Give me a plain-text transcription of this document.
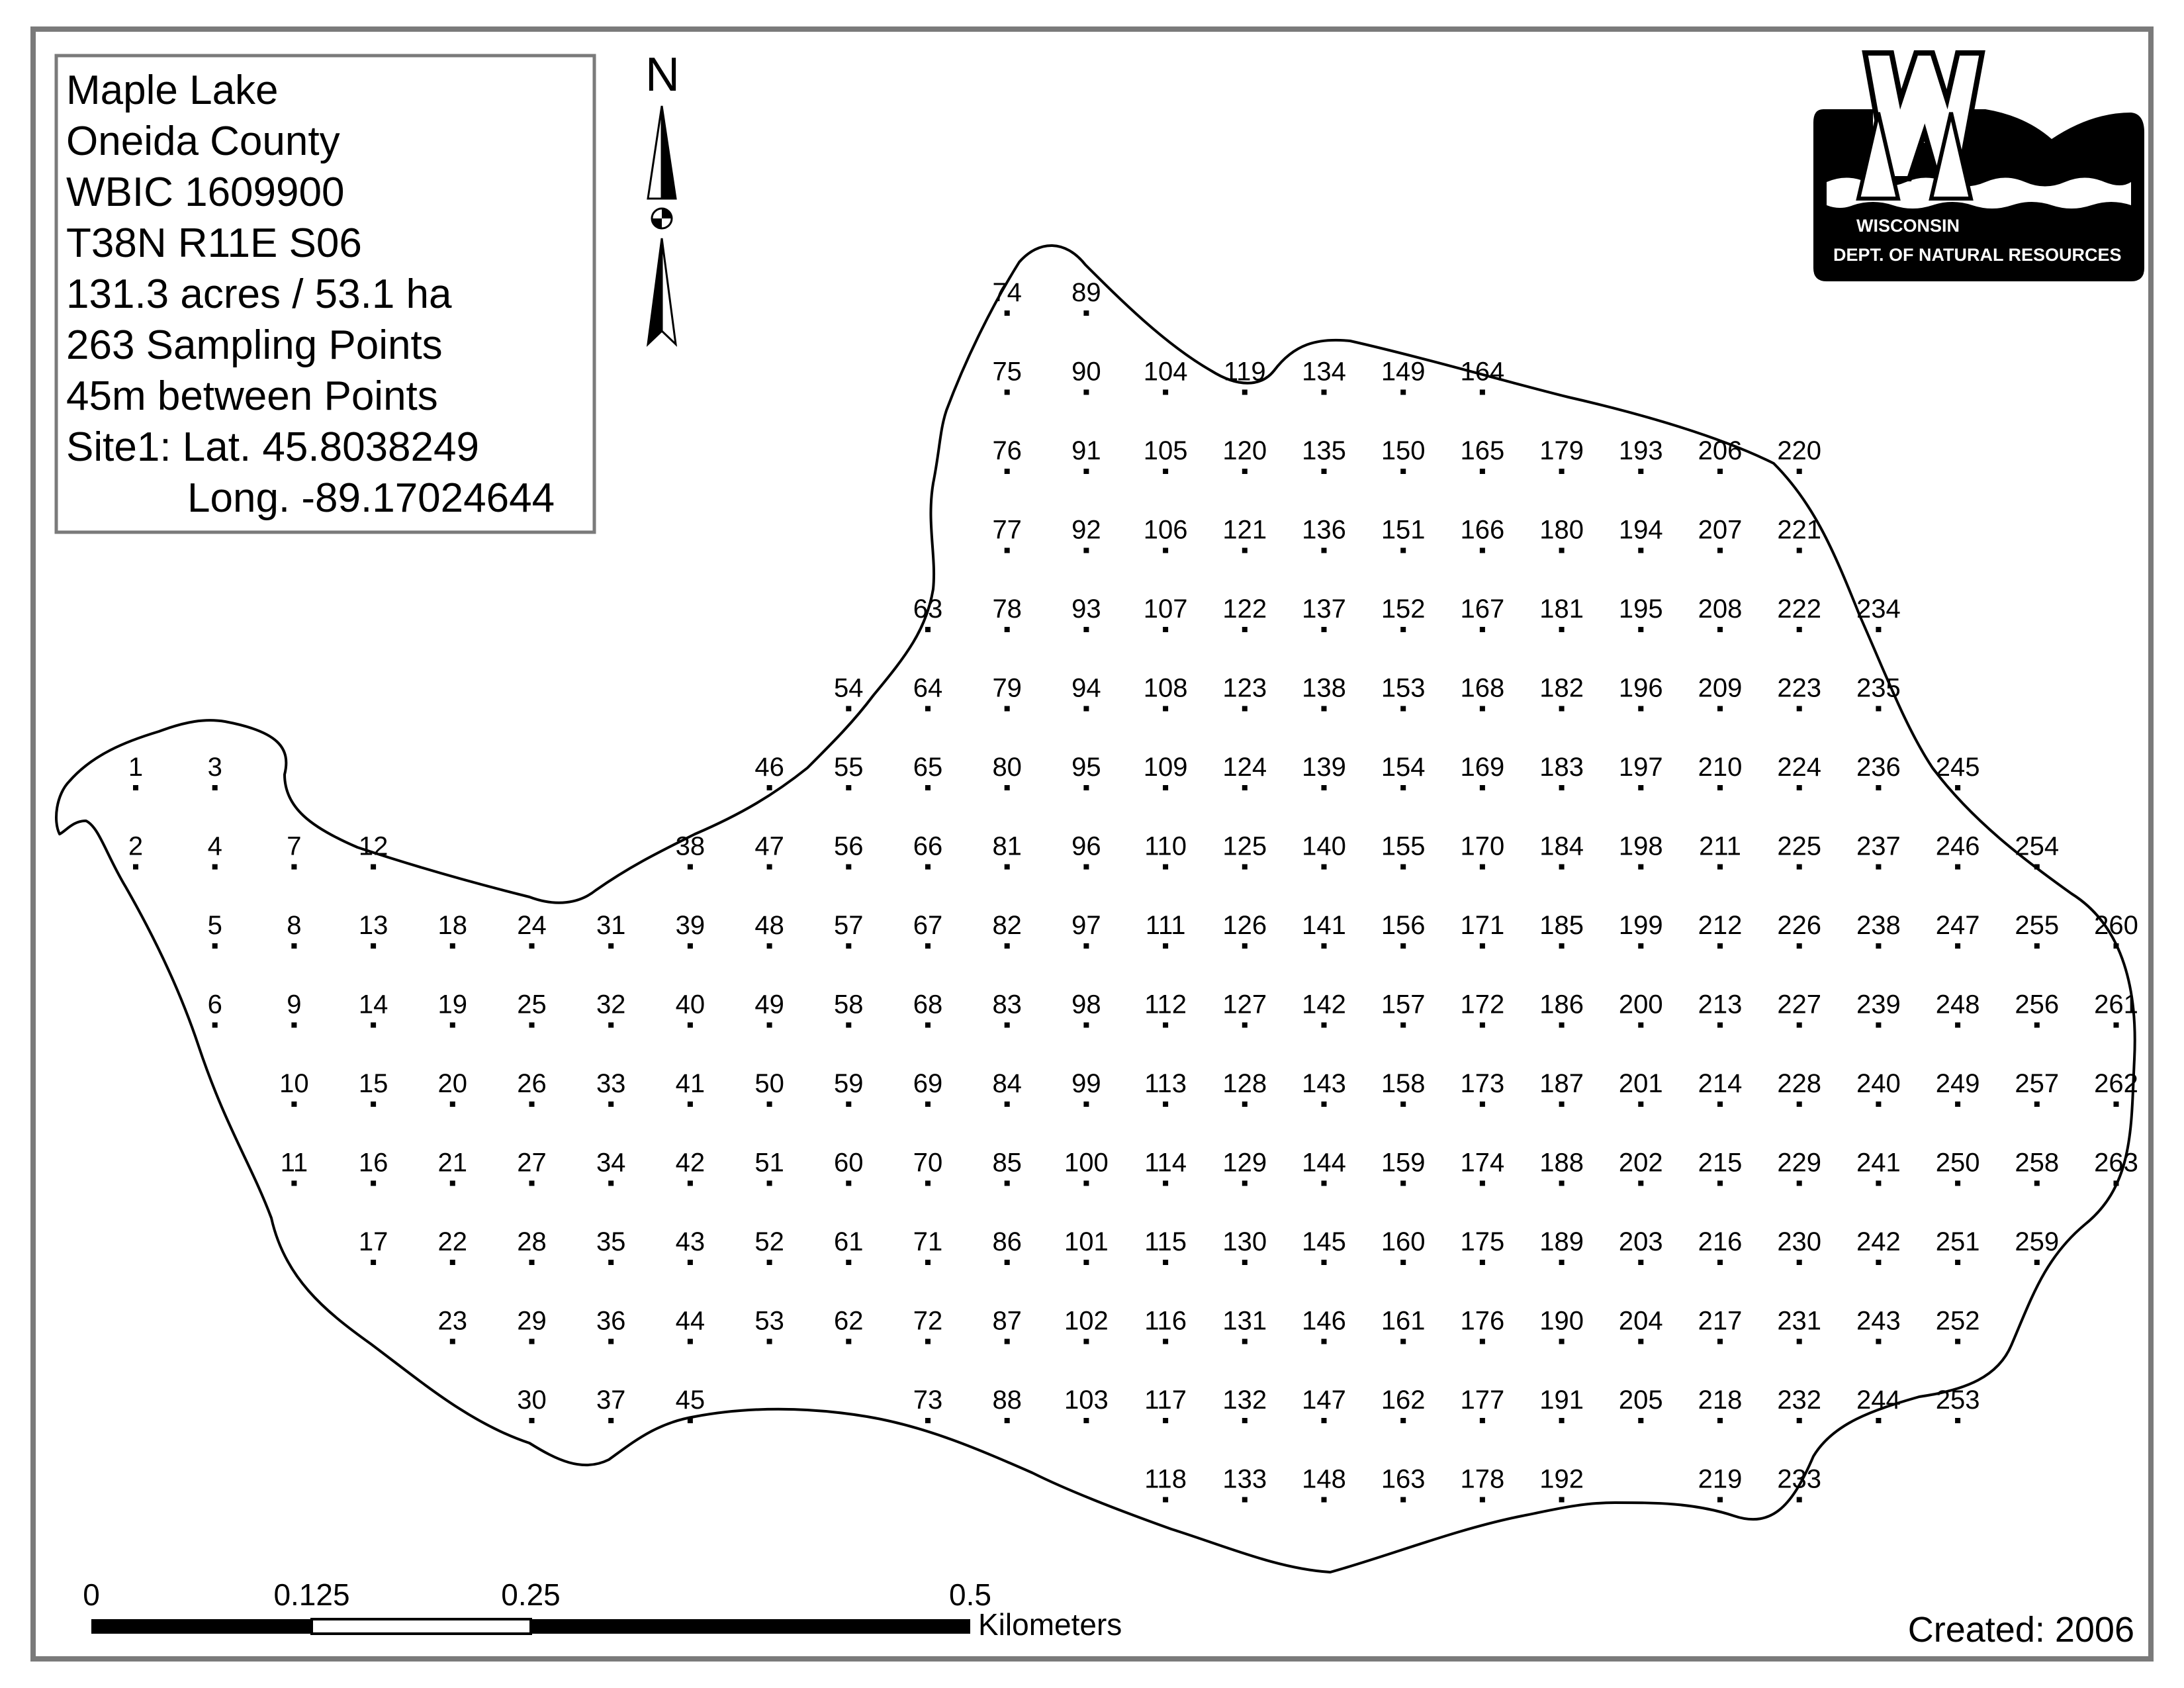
1
2
3
4
5
6
7
8
9
10
11
12
13
14
15
16
17
18
19
20
21
22
23
24
25
26
27
28
29
30
31
32
33
34
35
36
37
38
39
40
41
42
43
44
45
46
47
48
49
50
51
52
53
54
55
56
57
58
59
60
61
62
63
64
65
66
67
68
69
70
71
72
73
74
75
76
77
78
79
80
81
82
83
84
85
86
87
88
89
90
91
92
93
94
95
96
97
98
99
100
101
102
103
104
105
106
107
108
109
110
111
112
113
114
115
116
117
118
119
120
121
122
123
124
125
126
127
128
129
130
131
132
133
134
135
136
137
138
139
140
141
142
143
144
145
146
147
148
149
150
151
152
153
154
155
156
157
158
159
160
161
162
163
164
165
166
167
168
169
170
171
172
173
174
175
176
177
178
179
180
181
182
183
184
185
186
187
188
189
190
191
192
193
194
195
196
197
198
199
200
201
202
203
204
205
206
207
208
209
210
211
212
213
214
215
216
217
218
219
220
221
222
223
224
225
226
227
228
229
230
231
232
233
234
235
236
237
238
239
240
241
242
243
244
245
246
247
248
249
250
251
252
253
254
255
256
257
258
259
260
261
262
263
Maple Lake
Oneida County
WBIC 1609900
T38N R11E S06
131.3 acres / 53.1 ha
263 Sampling Points
45m between Points
Site1: Lat. 45.8038249
Long. -89.17024644
N
WISCONSIN
DEPT. OF NATURAL RESOURCES
0	0.125	0.25	0.5
Kilometers	Created: 2006
